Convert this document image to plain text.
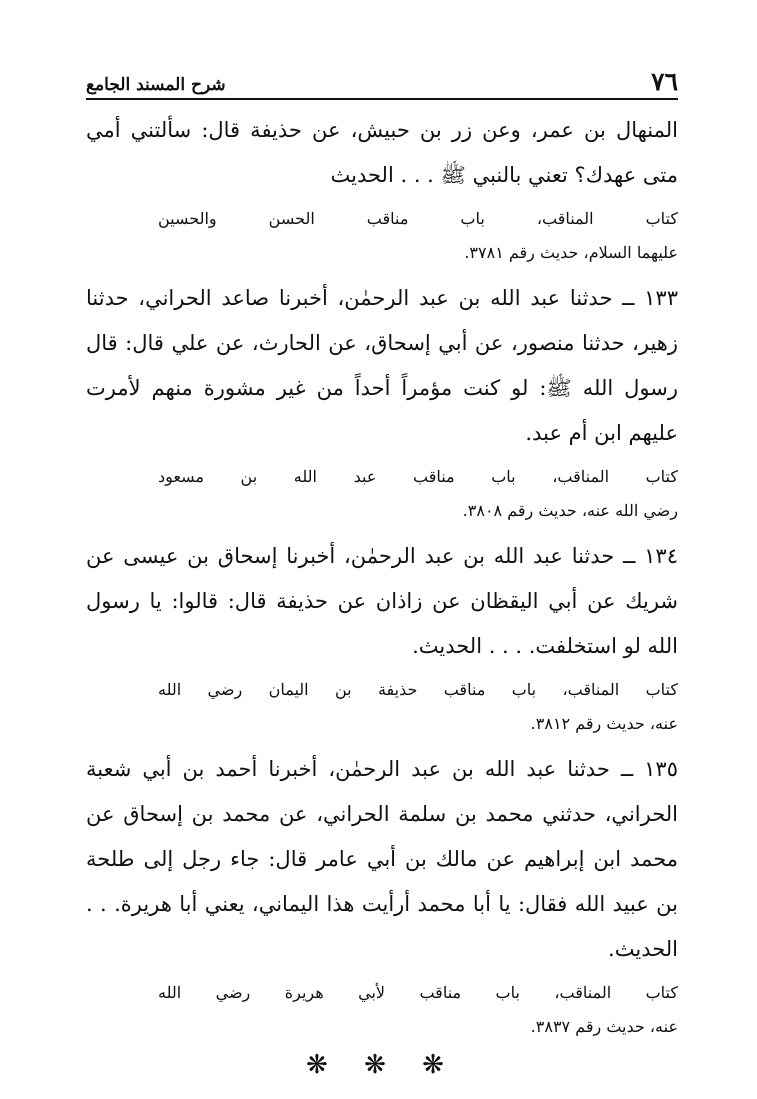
٧٦
شرح المسند الجامع

المنهال بن عمر، وعن زر بن حبيش، عن حذيفة قال: سألتني أمي متى عهدك؟ تعني بالنبي ﷺ . . . الحديث

كتاب المناقب، باب مناقب الحسن والحسين
عليهما السلام، حديث رقم ٣٧٨١.

١٣٣ ــ حدثنا عبد الله بن عبد الرحمٰن، أخبرنا صاعد الحراني، حدثنا زهير، حدثنا منصور، عن أبي إسحاق، عن الحارث، عن علي قال: قال رسول الله ﷺ: لو كنت مؤمراً أحداً من غير مشورة منهم لأمرت عليهم ابن أم عبد.

كتاب المناقب، باب مناقب عبد الله بن مسعود
رضي الله عنه، حديث رقم ٣٨٠٨.

١٣٤ ــ حدثنا عبد الله بن عبد الرحمٰن، أخبرنا إسحاق بن عيسى عن شريك عن أبي اليقظان عن زاذان عن حذيفة قال: قالوا: يا رسول الله لو استخلفت. . . . الحديث.

كتاب المناقب، باب مناقب حذيفة بن اليمان رضي الله
عنه، حديث رقم ٣٨١٢.

١٣٥ ــ حدثنا عبد الله بن عبد الرحمٰن، أخبرنا أحمد بن أبي شعبة الحراني، حدثني محمد بن سلمة الحراني، عن محمد بن إسحاق عن محمد ابن إبراهيم عن مالك بن أبي عامر قال: جاء رجل إلى طلحة بن عبيد الله فقال: يا أبا محمد أرأيت هذا اليماني، يعني أبا هريرة. . . الحديث.

كتاب المناقب، باب مناقب لأبي هريرة رضي الله
عنه، حديث رقم ٣٨٣٧.
❋ ❋ ❋
